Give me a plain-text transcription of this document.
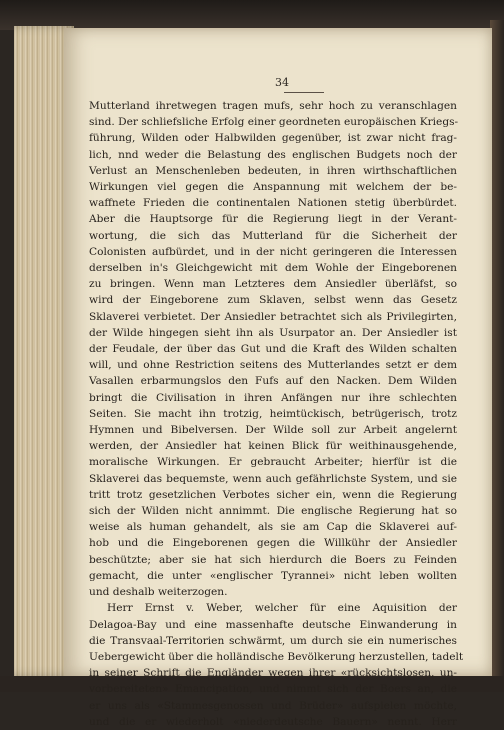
34
Mutterland ihretwegen tragen mufs, sehr hoch zu veranschlagen
sind. Der schliefsliche Erfolg einer geordneten europäischen Kriegs-
führung, Wilden oder Halbwilden gegenüber, ist zwar nicht frag-
lich, nnd weder die Belastung des englischen Budgets noch der
Verlust an Menschenleben bedeuten, in ihren wirthschaftlichen
Wirkungen viel gegen die Anspannung mit welchem der be-
waffnete Frieden die continentalen Nationen stetig überbürdet.
Aber die Hauptsorge für die Regierung liegt in der Verant-
wortung, die sich das Mutterland für die Sicherheit der
Colonisten aufbürdet, und in der nicht geringeren die Interessen
derselben in's Gleichgewicht mit dem Wohle der Eingeborenen
zu bringen. Wenn man Letzteres dem Ansiedler überläfst, so
wird der Eingeborene zum Sklaven, selbst wenn das Gesetz
Sklaverei verbietet. Der Ansiedler betrachtet sich als Privilegirten,
der Wilde hingegen sieht ihn als Usurpator an. Der Ansiedler ist
der Feudale, der über das Gut und die Kraft des Wilden schalten
will, und ohne Restriction seitens des Mutterlandes setzt er dem
Vasallen erbarmungslos den Fufs auf den Nacken. Dem Wilden
bringt die Civilisation in ihren Anfängen nur ihre schlechten
Seiten. Sie macht ihn trotzig, heimtückisch, betrügerisch, trotz
Hymnen und Bibelversen. Der Wilde soll zur Arbeit angelernt
werden, der Ansiedler hat keinen Blick für weithinausgehende,
moralische Wirkungen. Er gebraucht Arbeiter; hierfür ist die
Sklaverei das bequemste, wenn auch gefährlichste System, und sie
tritt trotz gesetzlichen Verbotes sicher ein, wenn die Regierung
sich der Wilden nicht annimmt. Die englische Regierung hat so
weise als human gehandelt, als sie am Cap die Sklaverei auf-
hob und die Eingeborenen gegen die Willkühr der Ansiedler
beschützte; aber sie hat sich hierdurch die Boers zu Feinden
gemacht, die unter «englischer Tyrannei» nicht leben wollten
und deshalb weiterzogen.
Herr Ernst v. Weber, welcher für eine Aquisition der
Delagoa-Bay und eine massenhafte deutsche Einwanderung in
die Transvaal-Territorien schwärmt, um durch sie ein numerisches
Uebergewicht über die holländische Bevölkerung herzustellen, tadelt
in seiner Schrift die Engländer wegen ihrer «rücksichtslosen, un-
vorbereiteten» Emancipation, und nimmt sich der Boers an, die
er uns als «Stammesgenossen und Brüder» aufspielen möchte,
und die er wiederholt «niederdeutsche Bauern» nennt. Herr
